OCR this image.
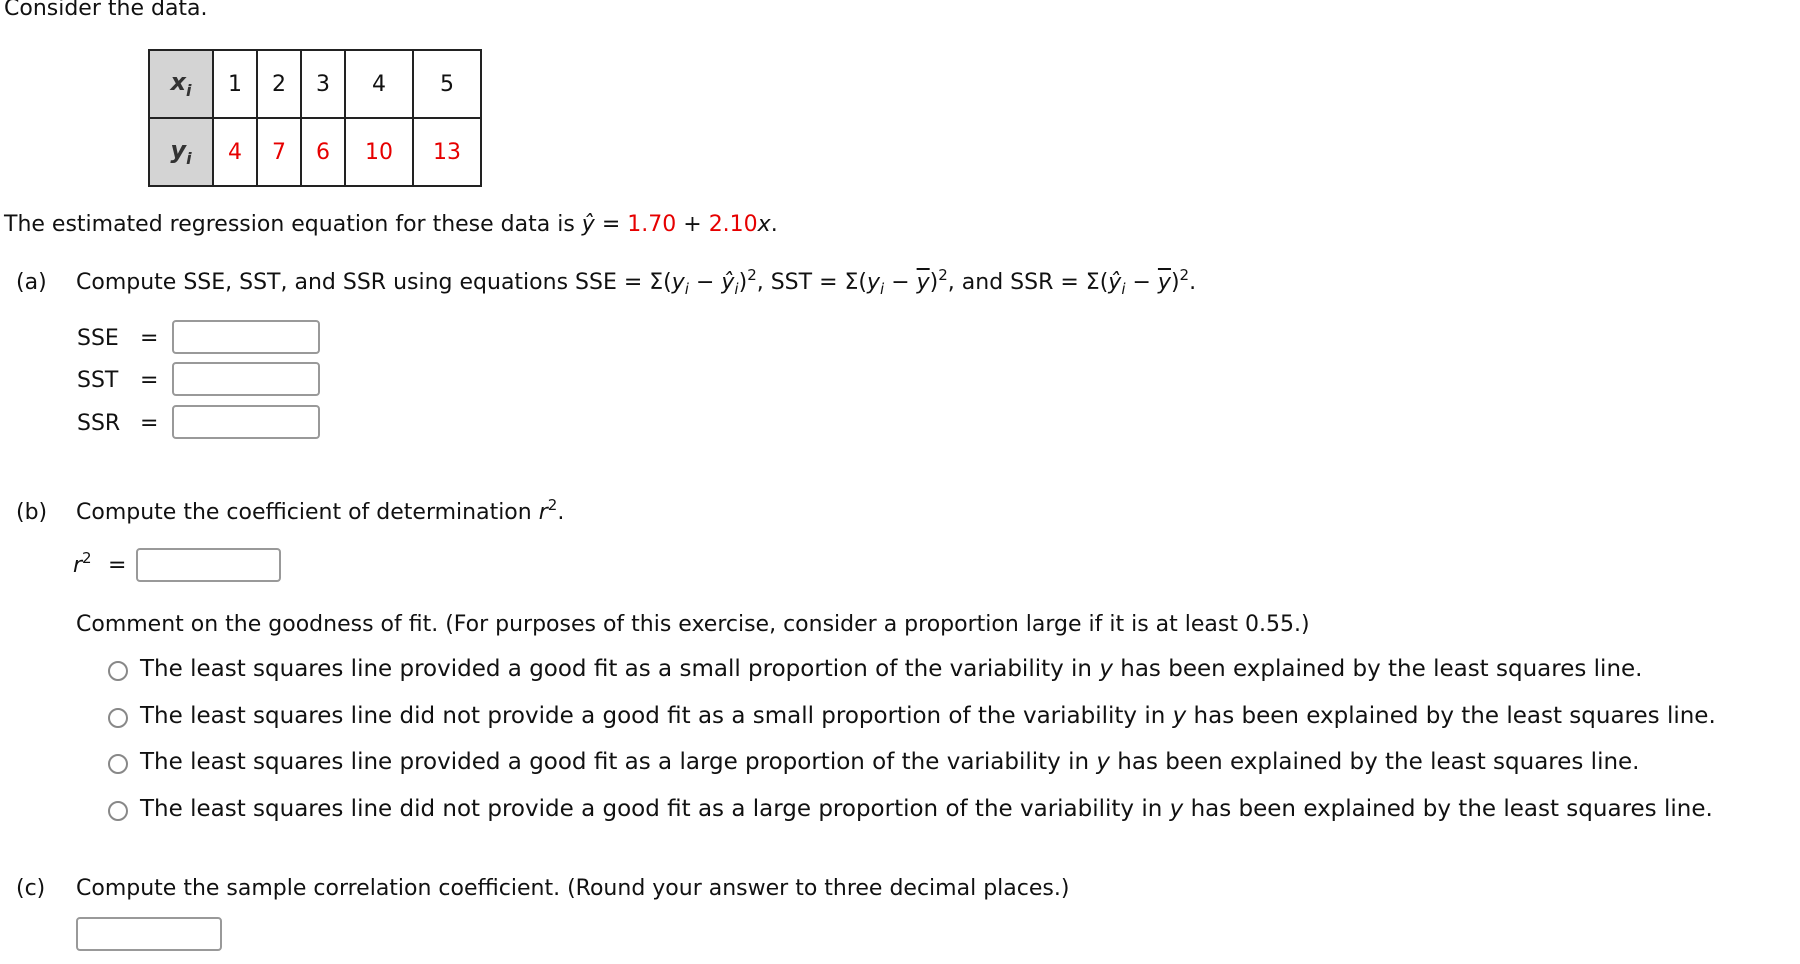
Consider the data.
$x_i$	1	2	3	4	5
$y_i$	4	7	6	10	13
The estimated regression equation for these data is ŷ = 1.70 + 2.10x.
(a) Compute SSE, SST, and SSR using equations SSE = $\Sigma(y_i$ − $ŷ_i)^2$, SST = $\Sigma(y_i - \overline{y})^2$, and SSR = $\Sigma(ŷ_i - \overline{y})^2$.
SSE =
SST =
SSR =
(b) Compute the coefficient of determination $r^2$.
$r^2$ =
Comment on the goodness of fit. (For purposes of this exercise, consider a proportion large if it is at least 0.55.)
The least squares line provided a good fit as a small proportion of the variability in y has been explained by the least squares line.
The least squares line did not provide a good fit as a small proportion of the variability in y has been explained by the least squares line.
The least squares line provided a good fit as a large proportion of the variability in y has been explained by the least squares line.
The least squares line did not provide a good fit as a large proportion of the variability in y has been explained by the least squares line.
(c) Compute the sample correlation coefficient. (Round your answer to three decimal places.)
